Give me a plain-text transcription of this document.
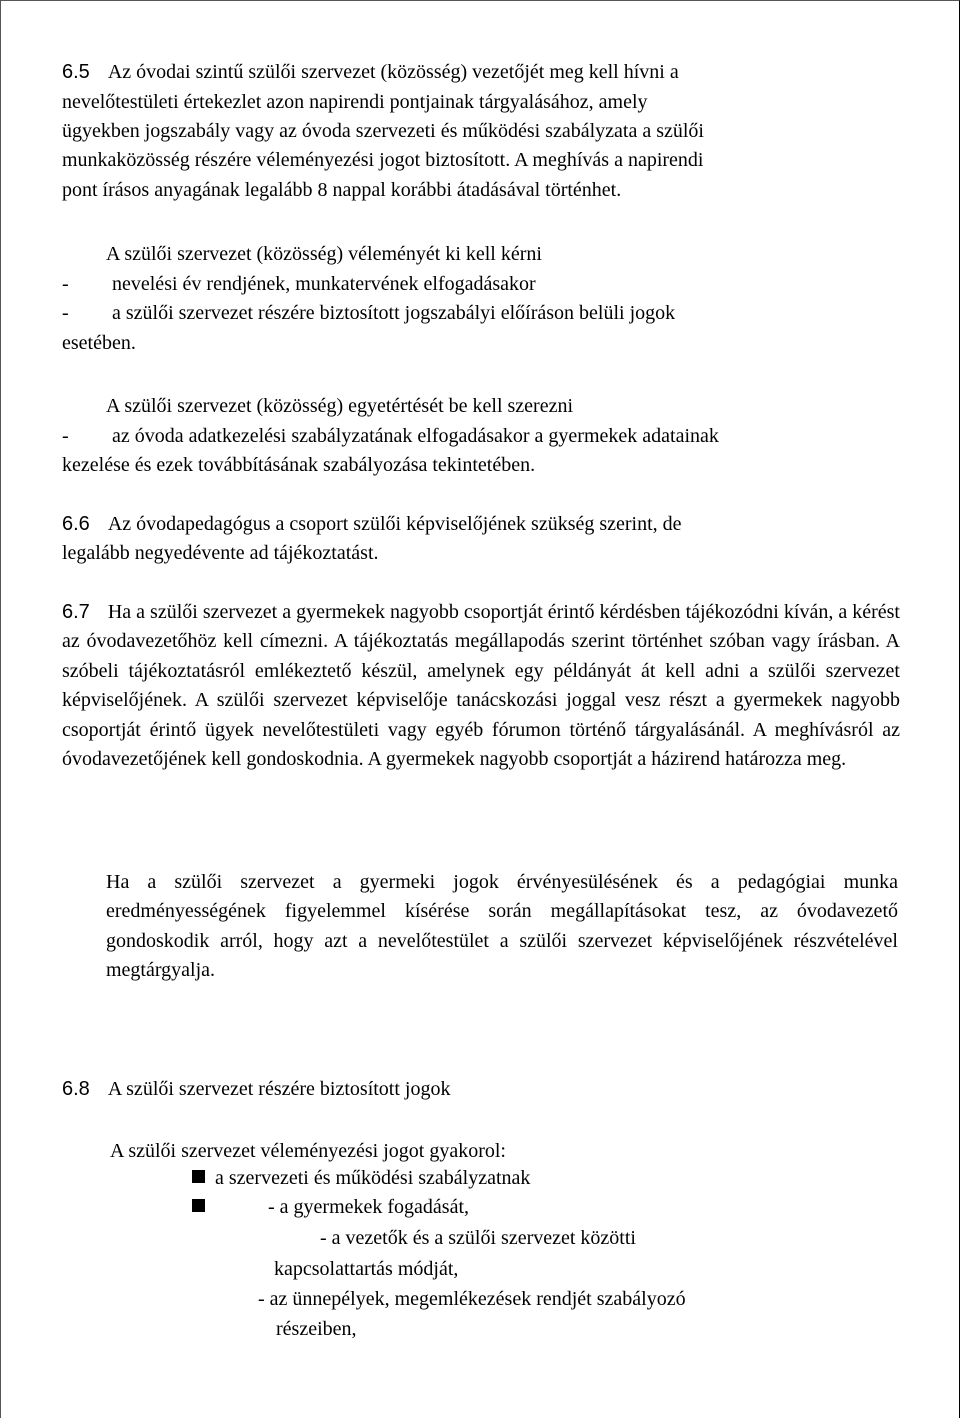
6.5 Az óvodai szintű szülői szervezet (közösség) vezetőjét meg kell hívni a
nevelőtestületi értekezlet azon napirendi pontjainak tárgyalásához, amely
ügyekben jogszabály vagy az óvoda szervezeti és működési szabályzata a szülői
munkaközösség részére véleményezési jogot biztosított. A meghívás a napirendi
pont írásos anyagának legalább 8 nappal korábbi átadásával történhet.
A szülői szervezet (közösség) véleményét ki kell kérni
- nevelési év rendjének, munkatervének elfogadásakor
- a szülői szervezet részére biztosított jogszabályi előíráson belüli jogok
esetében.
A szülői szervezet (közösség) egyetértését be kell szerezni
- az óvoda adatkezelési szabályzatának elfogadásakor a gyermekek adatainak
kezelése és ezek továbbításának szabályozása tekintetében.
6.6 Az óvodapedagógus a csoport szülői képviselőjének szükség szerint, de
legalább negyedévente ad tájékoztatást.
6.7 Ha a szülői szervezet a gyermekek nagyobb csoportját érintő kérdésben tájékozódni kíván, a kérést az óvodavezetőhöz kell címezni. A tájékoztatás megállapodás szerint történhet szóban vagy írásban. A szóbeli tájékoztatásról emlékeztető készül, amelynek egy példányát át kell adni a szülői szervezet képviselőjének. A szülői szervezet képviselője tanácskozási joggal vesz részt a gyermekek nagyobb csoportját érintő ügyek nevelőtestületi vagy egyéb fórumon történő tárgyalásánál. A meghívásról az óvodavezetőjének kell gondoskodnia. A gyermekek nagyobb csoportját a házirend határozza meg.
Ha a szülői szervezet a gyermeki jogok érvényesülésének és a pedagógiai munka eredményességének figyelemmel kísérése során megállapításokat tesz, az óvodavezető gondoskodik arról, hogy azt a nevelőtestület a szülői szervezet képviselőjének részvételével megtárgyalja.
6.8 A szülői szervezet részére biztosított jogok
A szülői szervezet véleményezési jogot gyakorol:
a szervezeti és működési szabályzatnak
- a gyermekek fogadását,
- a vezetők és a szülői szervezet közötti
kapcsolattartás módját,
- az ünnepélyek, megemlékezések rendjét szabályozó
részeiben,
